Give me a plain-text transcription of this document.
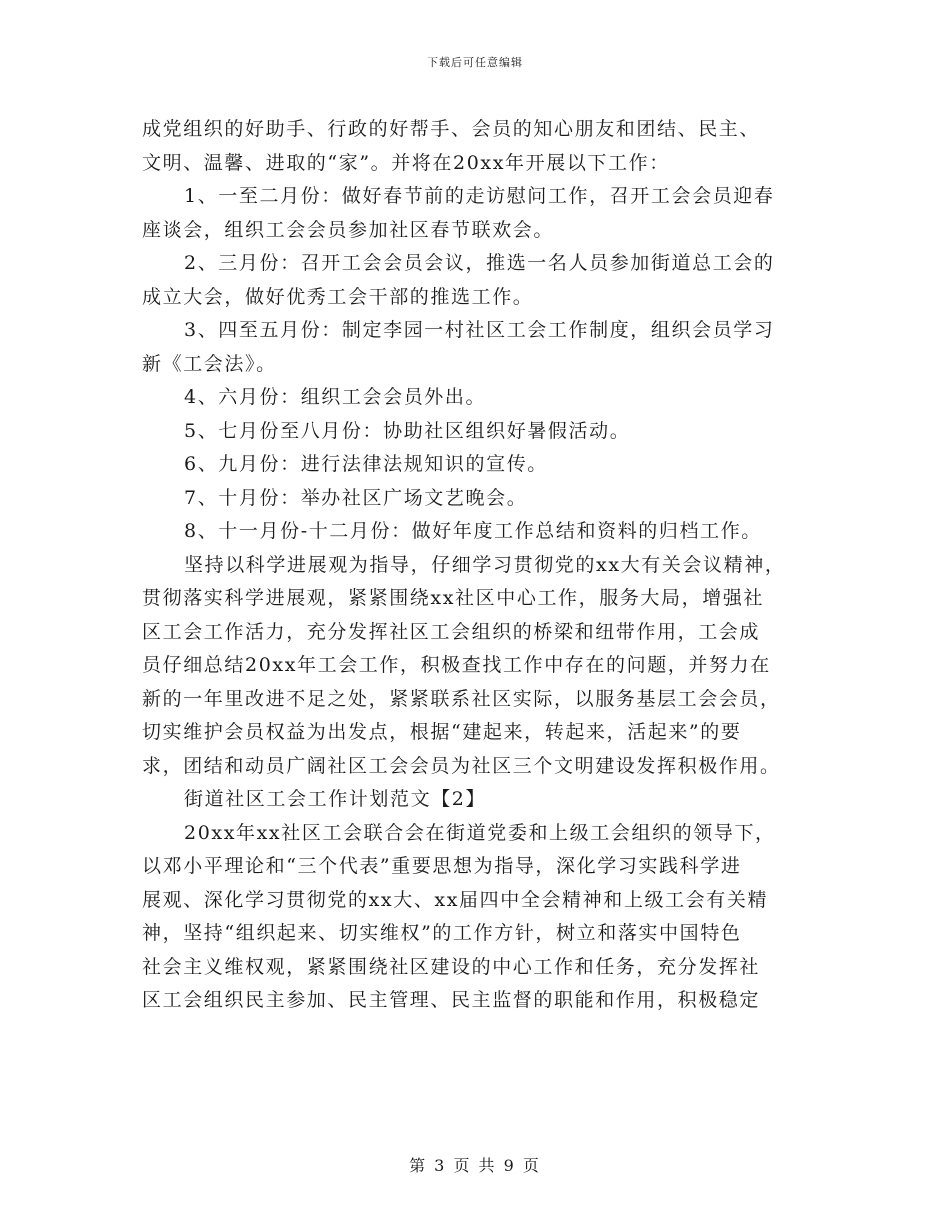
下载后可任意编辑
成党组织的好助手、行政的好帮手、会员的知心朋友和团结、民主、
文明、温馨、进取的“家”。并将在20xx年开展以下工作：
1、一至二月份：做好春节前的走访慰问工作，召开工会会员迎春
座谈会，组织工会会员参加社区春节联欢会。
2、三月份：召开工会会员会议，推选一名人员参加街道总工会的
成立大会，做好优秀工会干部的推选工作。
3、四至五月份：制定李园一村社区工会工作制度，组织会员学习
新《工会法》。
4、六月份：组织工会会员外出。
5、七月份至八月份：协助社区组织好暑假活动。
6、九月份：进行法律法规知识的宣传。
7、十月份：举办社区广场文艺晚会。
8、十一月份-十二月份：做好年度工作总结和资料的归档工作。
坚持以科学进展观为指导，仔细学习贯彻党的xx大有关会议精神，
贯彻落实科学进展观，紧紧围绕xx社区中心工作，服务大局，增强社
区工会工作活力，充分发挥社区工会组织的桥梁和纽带作用，工会成
员仔细总结20xx年工会工作，积极查找工作中存在的问题，并努力在
新的一年里改进不足之处，紧紧联系社区实际，以服务基层工会会员，
切实维护会员权益为出发点，根据“建起来，转起来，活起来”的要
求，团结和动员广阔社区工会会员为社区三个文明建设发挥积极作用。
街道社区工会工作计划范文【2】
20xx年xx社区工会联合会在街道党委和上级工会组织的领导下，
以邓小平理论和“三个代表”重要思想为指导，深化学习实践科学进
展观、深化学习贯彻党的xx大、xx届四中全会精神和上级工会有关精
神，坚持“组织起来、切实维权”的工作方针，树立和落实中国特色
社会主义维权观，紧紧围绕社区建设的中心工作和任务，充分发挥社
区工会组织民主参加、民主管理、民主监督的职能和作用，积极稳定
第 3 页 共 9 页
